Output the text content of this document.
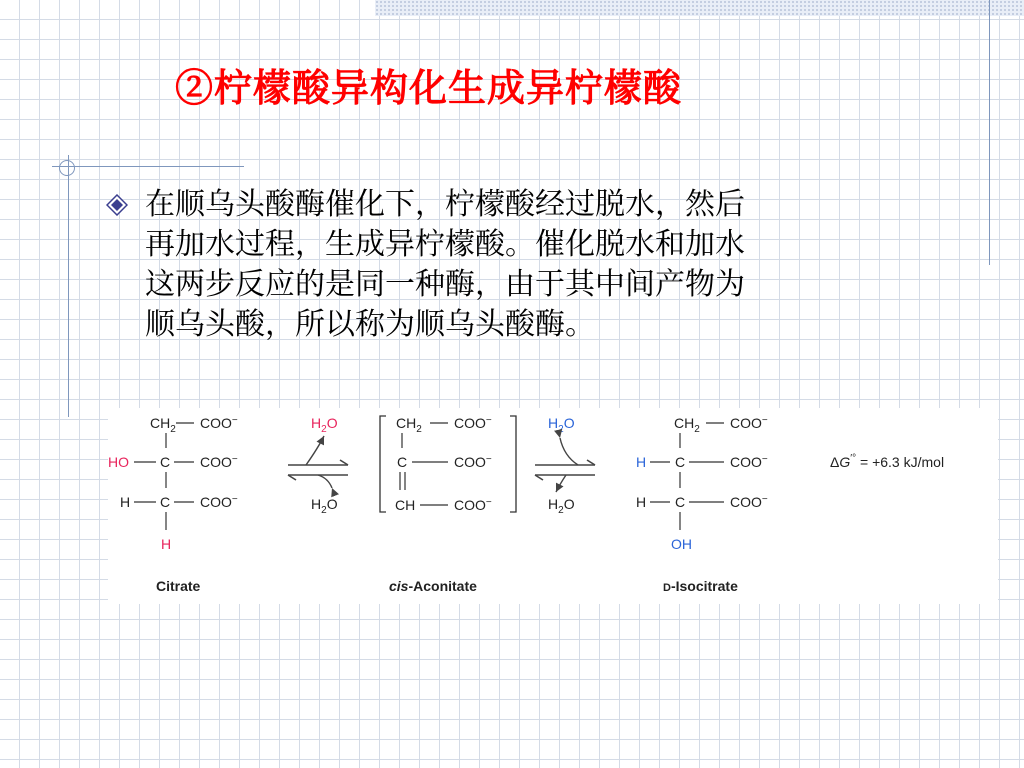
②柠檬酸异构化生成异柠檬酸
在顺乌头酸酶催化下，柠檬酸经过脱水，然后
再加水过程，生成异柠檬酸。催化脱水和加水
这两步反应的是同一种酶，由于其中间产物为
顺乌头酸，所以称为顺乌头酸酶。
$CH_2$ COO−
HO C COO−
H C COO−
H
Citrate
$H_2O$
$H_2O$
$CH_2$ COO−
C	COO−
CH	COO−
cis-Aconitate
$H_2O$
$H_2O$
$CH_2$ COO−
H C	COO−
H C	COO−
OH
D-Isocitrate
ΔG′° = +6.3 kJ/mol
